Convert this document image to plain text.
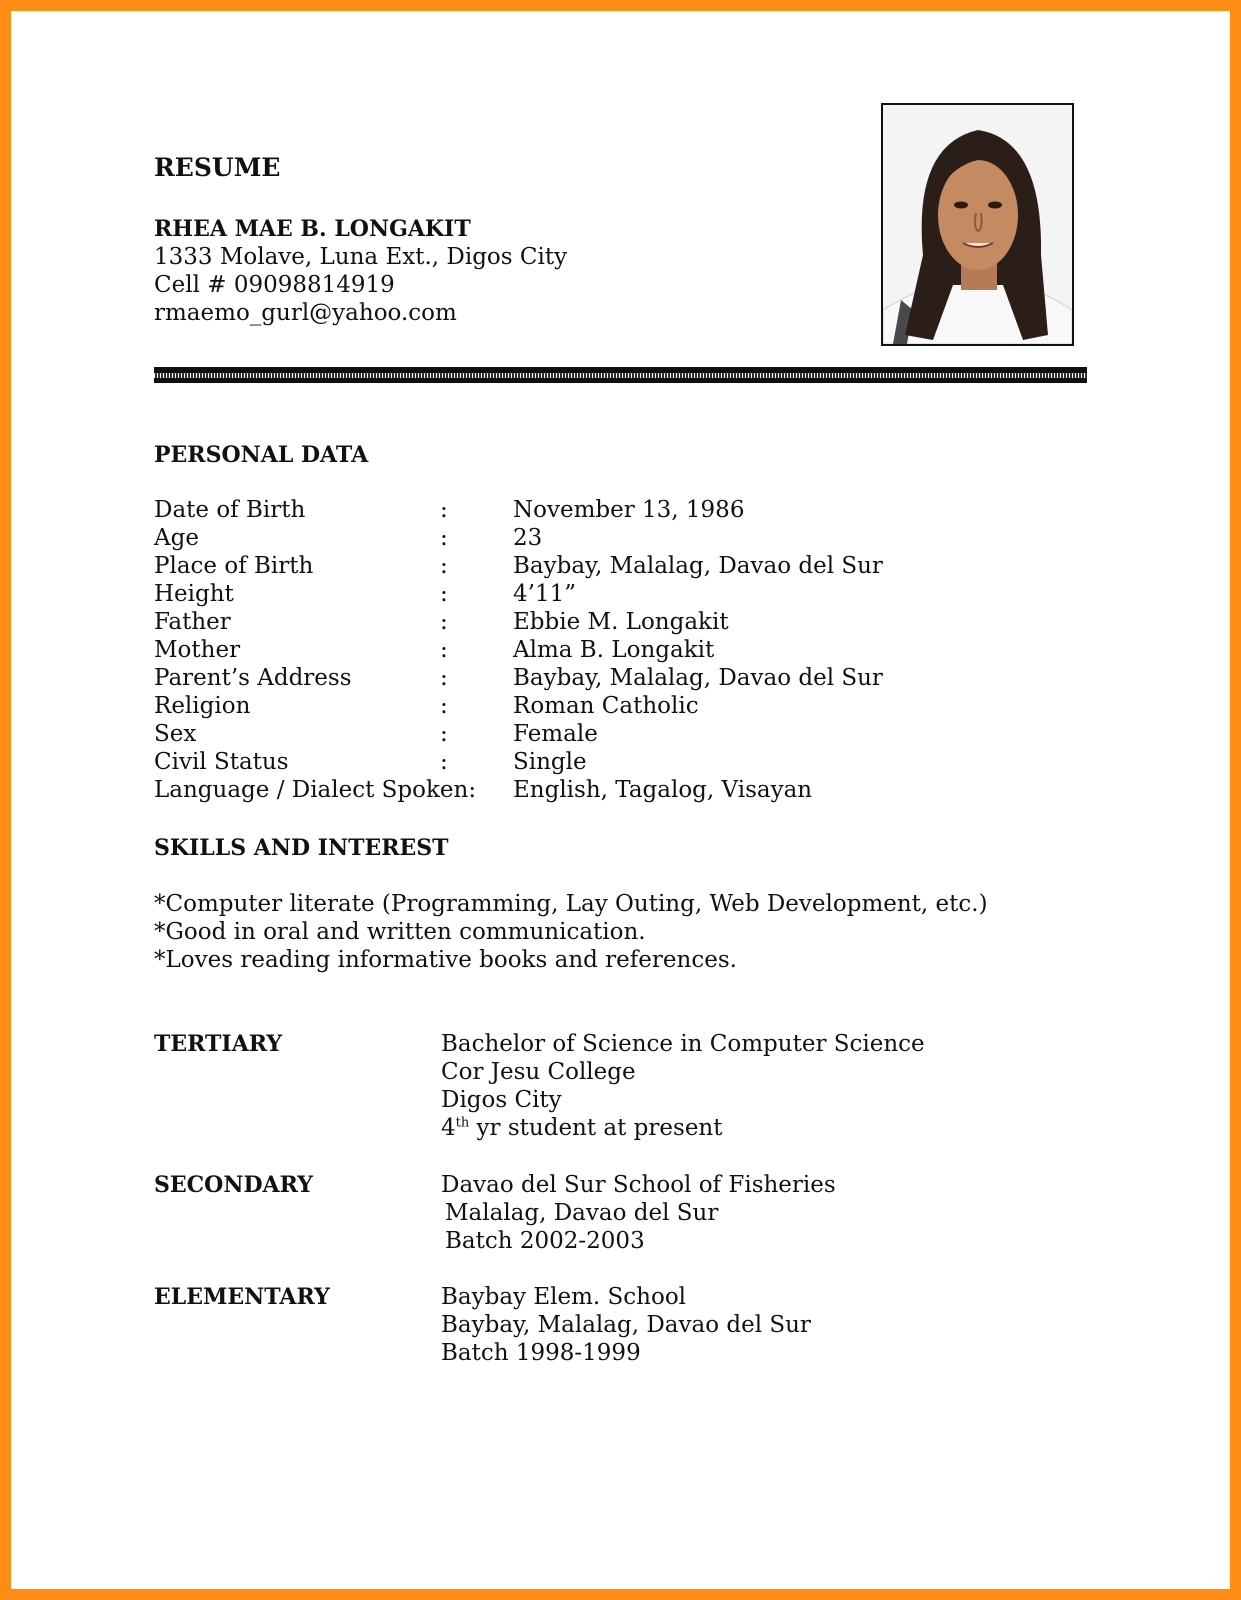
RESUME
RHEA MAE B. LONGAKIT
1333 Molave, Luna Ext., Digos City
Cell # 09098814919
rmaemo_gurl@yahoo.com
PERSONAL DATA
Date of Birth	:	November 13, 1986
Age	:	23
Place of Birth	:	Baybay, Malalag, Davao del Sur
Height	:	4’11”
Father	:	Ebbie M. Longakit
Mother	:	Alma B. Longakit
Parent’s Address	:	Baybay, Malalag, Davao del Sur
Religion	:	Roman Catholic
Sex	:	Female
Civil Status	:	Single
Language / Dialect Spoken: English, Tagalog, Visayan
SKILLS AND INTEREST
*Computer literate (Programming, Lay Outing, Web Development, etc.)
*Good in oral and written communication.
*Loves reading informative books and references.
TERTIARY	Bachelor of Science in Computer Science
Cor Jesu College
Digos City
4th yr student at present
SECONDARY	Davao del Sur School of Fisheries
Malalag, Davao del Sur
Batch 2002-2003
ELEMENTARY	Baybay Elem. School
Baybay, Malalag, Davao del Sur
Batch 1998-1999
